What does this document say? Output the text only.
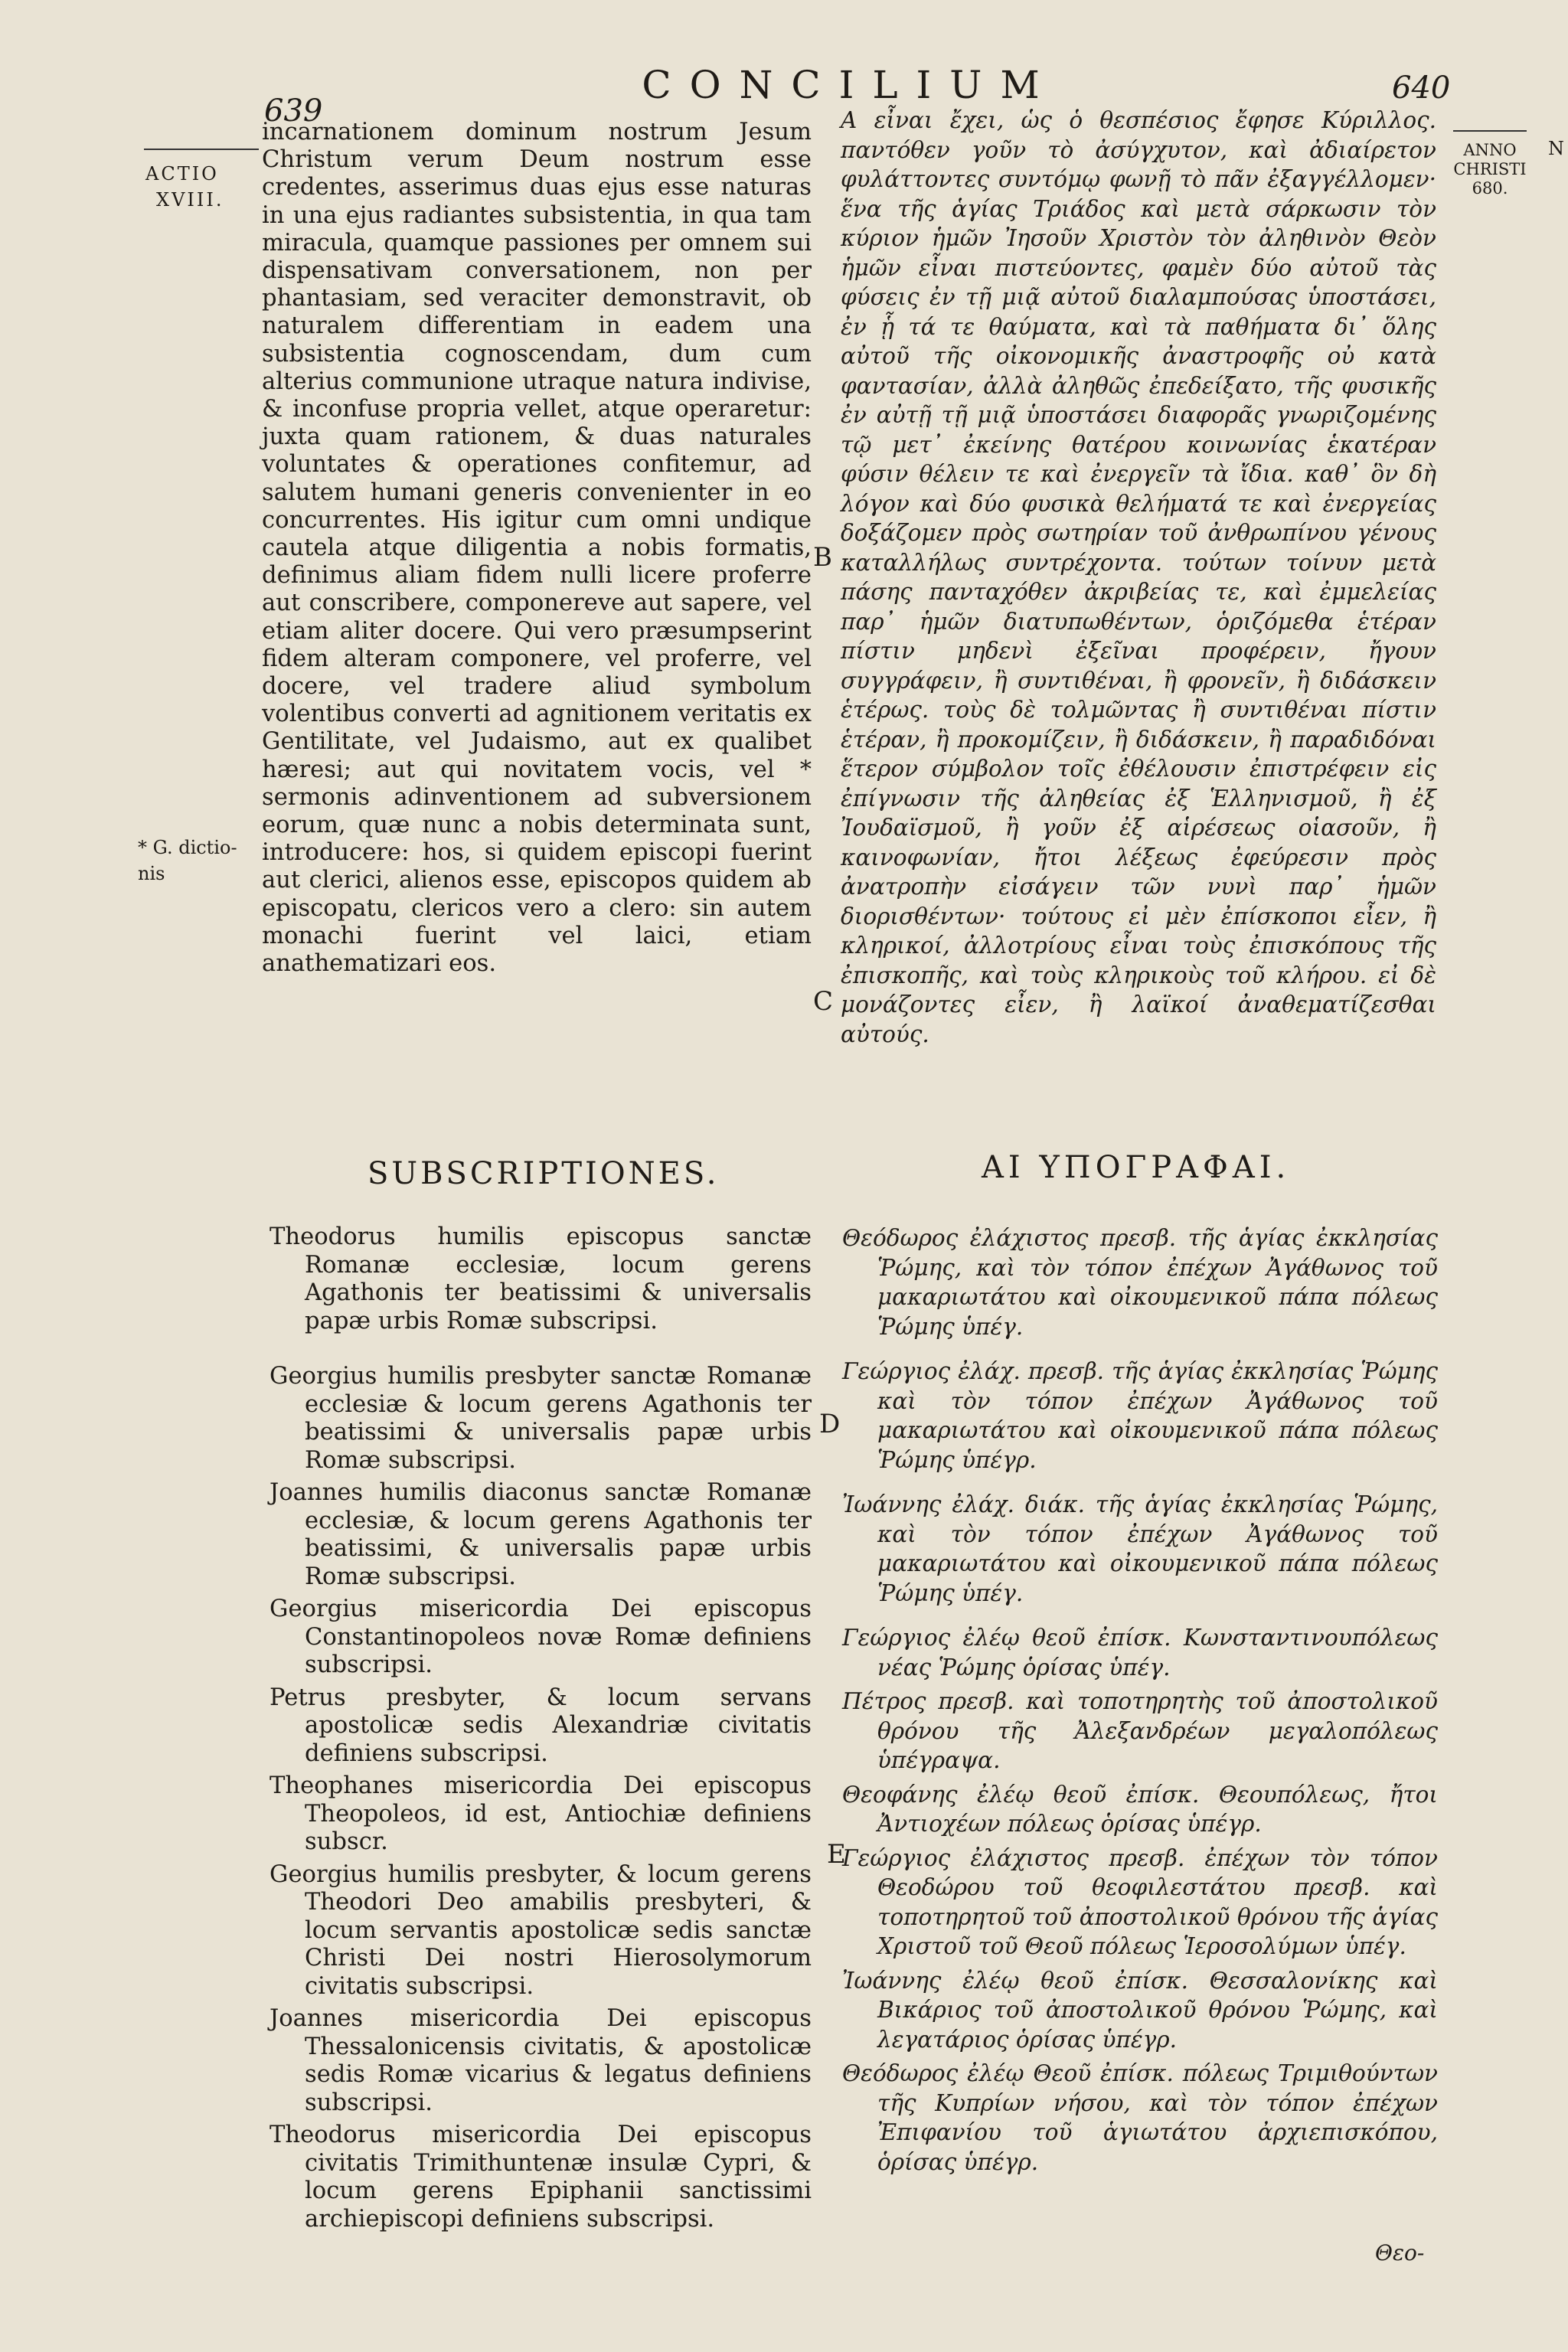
639
CONCILIUM	640
ACTIO
XVIII.
ANNO
CHRISTI
680.
N
* G. dictio-
nis

incarnationem dominum nostrum Jesum Christum verum Deum nostrum esse credentes, asserimus duas ejus esse naturas in una ejus radiantes subsistentia, in qua tam miracula, quamque passiones per omnem sui dispensativam conversationem, non per phantasiam, sed veraciter demonstravit, ob naturalem differentiam in eadem una subsistentia cognoscendam, dum cum alterius communione utraque natura indivise, & inconfuse propria vellet, atque operaretur: juxta quam rationem, & duas naturales voluntates & operationes confitemur, ad salutem humani generis convenienter in eo concurrentes. His igitur cum omni undique cautela atque diligentia a nobis formatis, definimus aliam fidem nulli licere proferre aut conscribere, componereve aut sapere, vel etiam aliter docere. Qui vero præsumpserint fidem alteram componere, vel proferre, vel docere, vel tradere aliud symbolum volentibus converti ad agnitionem veritatis ex Gentilitate, vel Judaismo, aut ex qualibet hæresi; aut qui novitatem vocis, vel * sermonis adinventionem ad subversionem eorum, quæ nunc a nobis determinata sunt, introducere: hos, si quidem episcopi fuerint aut clerici, alienos esse, episcopos quidem ab episcopatu, clericos vero a clero: sin autem monachi fuerint vel laici, etiam anathematizari eos.

B
C
D
E

A εἶναι ἔχει, ὡς ὁ θεσπέσιος ἔφησε Κύριλλος. παντόθεν γοῦν τὸ ἀσύγχυτον, καὶ ἀδιαίρετον φυλάττοντες συντόμῳ φωνῇ τὸ πᾶν ἐξαγγέλλομεν· ἕνα τῆς ἁγίας Τριάδος καὶ μετὰ σάρκωσιν τὸν κύριον ἡμῶν Ἰησοῦν Χριστὸν τὸν ἀληθινὸν Θεὸν ἡμῶν εἶναι πιστεύοντες, φαμὲν δύο αὐτοῦ τὰς φύσεις ἐν τῇ μιᾷ αὐτοῦ διαλαμπούσας ὑποστάσει, ἐν ᾗ τά τε θαύματα, καὶ τὰ παθήματα δι᾽ ὅλης αὐτοῦ τῆς οἰκονομικῆς ἀναστροφῆς οὐ κατὰ φαντασίαν, ἀλλὰ ἀληθῶς ἐπεδείξατο, τῆς φυσικῆς ἐν αὐτῇ τῇ μιᾷ ὑποστάσει διαφορᾶς γνωριζομένης τῷ μετ᾽ ἐκείνης θατέρου κοινωνίας ἑκατέραν φύσιν θέλειν τε καὶ ἐνεργεῖν τὰ ἴδια. καθ᾽ ὃν δὴ λόγον καὶ δύο φυσικὰ θελήματά τε καὶ ἐνεργείας δοξάζομεν πρὸς σωτηρίαν τοῦ ἀνθρωπίνου γένους καταλλήλως συντρέχοντα. τούτων τοίνυν μετὰ πάσης πανταχόθεν ἀκριβείας τε, καὶ ἐμμελείας παρ᾽ ἡμῶν διατυπωθέντων, ὁριζόμεθα ἑτέραν πίστιν μηδενὶ ἐξεῖναι προφέρειν, ἤγουν συγγράφειν, ἢ συντιθέναι, ἢ φρονεῖν, ἢ διδάσκειν ἑτέρως. τοὺς δὲ τολμῶντας ἢ συντιθέναι πίστιν ἑτέραν, ἢ προκομίζειν, ἢ διδάσκειν, ἢ παραδιδόναι ἕτερον σύμβολον τοῖς ἐθέλουσιν ἐπιστρέφειν εἰς ἐπίγνωσιν τῆς ἀληθείας ἐξ Ἑλληνισμοῦ, ἢ ἐξ Ἰουδαϊσμοῦ, ἢ γοῦν ἐξ αἱρέσεως οἱασοῦν, ἢ καινοφωνίαν, ἤτοι λέξεως ἐφεύρεσιν πρὸς ἀνατροπὴν εἰσάγειν τῶν νυνὶ παρ᾽ ἡμῶν διορισθέντων· τούτους εἰ μὲν ἐπίσκοποι εἶεν, ἢ κληρικοί, ἀλλοτρίους εἶναι τοὺς ἐπισκόπους τῆς ἐπισκοπῆς, καὶ τοὺς κληρικοὺς τοῦ κλήρου. εἰ δὲ μονάζοντες εἶεν, ἢ λαϊκοί ἀναθεματίζεσθαι αὐτούς.

SUBSCRIPTIONES.	ΑΙ ΥΠΟΓΡΑΦΑΙ.
Theodorus humilis episcopus sanctæ Romanæ ecclesiæ, locum gerens Agathonis ter beatissimi & universalis papæ urbis Romæ subscripsi.
Georgius humilis presbyter sanctæ Romanæ ecclesiæ & locum gerens Agathonis ter beatissimi & universalis papæ urbis Romæ subscripsi.
Joannes humilis diaconus sanctæ Romanæ ecclesiæ, & locum gerens Agathonis ter beatissimi, & universalis papæ urbis Romæ subscripsi.
Georgius misericordia Dei episcopus Constantinopoleos novæ Romæ definiens subscripsi.
Petrus presbyter, & locum servans apostolicæ sedis Alexandriæ civitatis definiens subscripsi.
Theophanes misericordia Dei episcopus Theopoleos, id est, Antiochiæ definiens subscr.
Georgius humilis presbyter, & locum gerens Theodori Deo amabilis presbyteri, & locum servantis apostolicæ sedis sanctæ Christi Dei nostri Hierosolymorum civitatis subscripsi.
Joannes misericordia Dei episcopus Thessalonicensis civitatis, & apostolicæ sedis Romæ vicarius & legatus definiens subscripsi.
Theodorus misericordia Dei episcopus civitatis Trimithuntenæ insulæ Cypri, & locum gerens Epiphanii sanctissimi archiepiscopi definiens subscripsi.
Θεόδωρος ἐλάχιστος πρεσβ. τῆς ἁγίας ἐκκλησίας Ῥώμης, καὶ τὸν τόπον ἐπέχων Ἀγάθωνος τοῦ μακαριωτάτου καὶ οἰκουμενικοῦ πάπα πόλεως Ῥώμης ὑπέγ.
Γεώργιος ἐλάχ. πρεσβ. τῆς ἁγίας ἐκκλησίας Ῥώμης καὶ τὸν τόπον ἐπέχων Ἀγάθωνος τοῦ μακαριωτάτου καὶ οἰκουμενικοῦ πάπα πόλεως Ῥώμης ὑπέγρ.
Ἰωάννης ἐλάχ. διάκ. τῆς ἁγίας ἐκκλησίας Ῥώμης, καὶ τὸν τόπον ἐπέχων Ἀγάθωνος τοῦ μακαριωτάτου καὶ οἰκουμενικοῦ πάπα πόλεως Ῥώμης ὑπέγ.
Γεώργιος ἐλέῳ θεοῦ ἐπίσκ. Κωνσταντινουπόλεως νέας Ῥώμης ὁρίσας ὑπέγ.
Πέτρος πρεσβ. καὶ τοποτηρητὴς τοῦ ἀποστολικοῦ θρόνου τῆς Ἀλεξανδρέων μεγαλοπόλεως ὑπέγραψα.
Θεοφάνης ἐλέῳ θεοῦ ἐπίσκ. Θεουπόλεως, ἤτοι Ἀντιοχέων πόλεως ὁρίσας ὑπέγρ.
Γεώργιος ἐλάχιστος πρεσβ. ἐπέχων τὸν τόπον Θεοδώρου τοῦ θεοφιλεστάτου πρεσβ. καὶ τοποτηρητοῦ τοῦ ἀποστολικοῦ θρόνου τῆς ἁγίας Χριστοῦ τοῦ Θεοῦ πόλεως Ἱεροσολύμων ὑπέγ.
Ἰωάννης ἐλέῳ θεοῦ ἐπίσκ. Θεσσαλονίκης καὶ Βικάριος τοῦ ἀποστολικοῦ θρόνου Ῥώμης, καὶ λεγατάριος ὁρίσας ὑπέγρ.
Θεόδωρος ἐλέῳ Θεοῦ ἐπίσκ. πόλεως Τριμιθούντων τῆς Κυπρίων νήσου, καὶ τὸν τόπον ἐπέχων Ἐπιφανίου τοῦ ἁγιωτάτου ἀρχιεπισκόπου, ὁρίσας ὑπέγρ.
Θεο-
